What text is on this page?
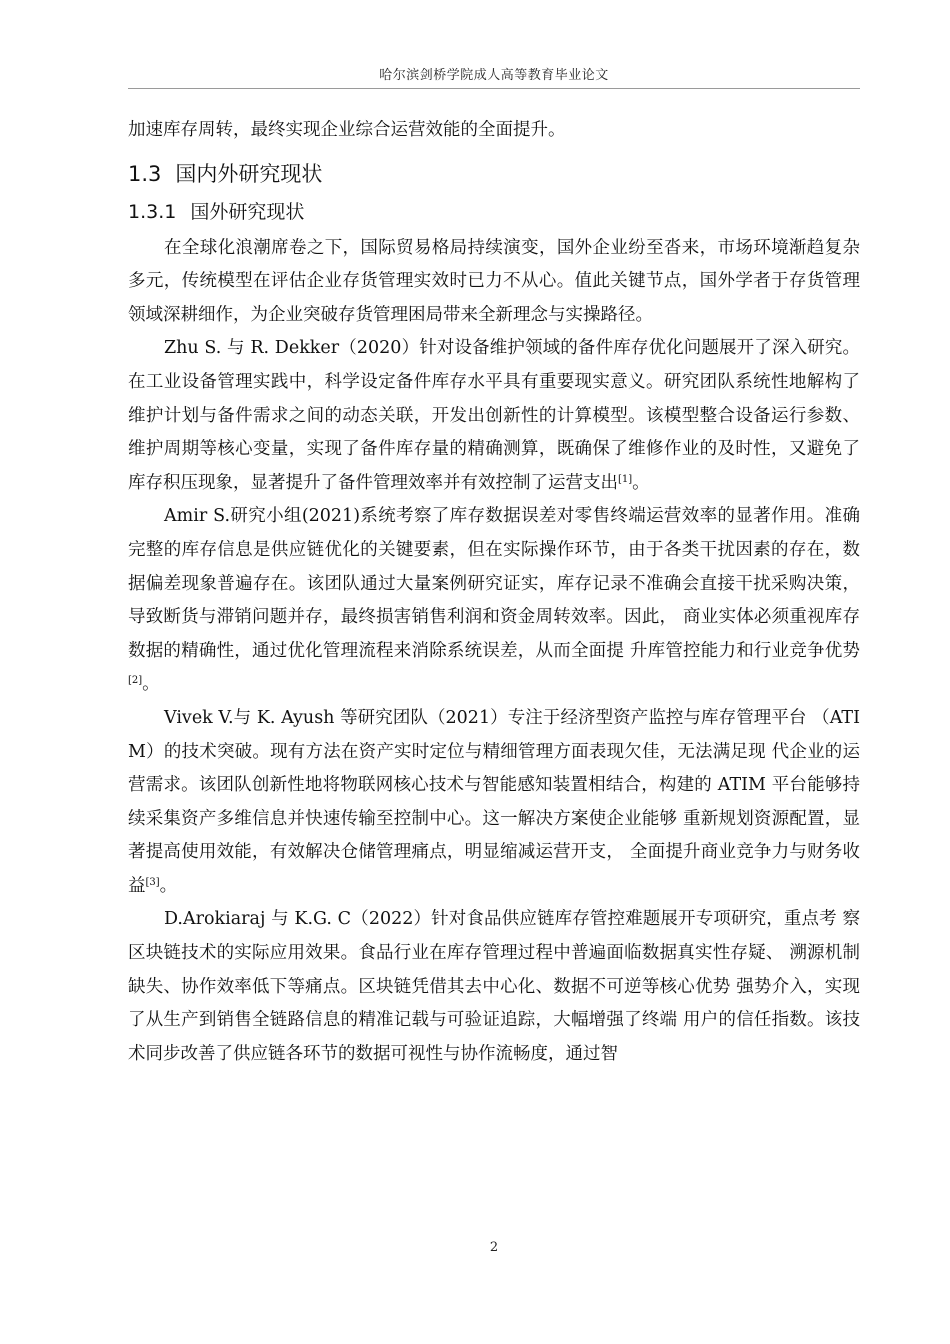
哈尔滨剑桥学院成人高等教育毕业论文

加速库存周转，最终实现企业综合运营效能的全面提升。

1.3 国内外研究现状
1.3.1 国外研究现状

在全球化浪潮席卷之下，国际贸易格局持续演变，国外企业纷至沓来，市场环境渐趋复杂多元，传统模型在评估企业存货管理实效时已力不从心。值此关键节点，国外学者于存货管理领域深耕细作，为企业突破存货管理困局带来全新理念与实操路径。

Zhu S. 与 R. Dekker（2020）针对设备维护领域的备件库存优化问题展开了深入研究。在工业设备管理实践中，科学设定备件库存水平具有重要现实意义。研究团队系统性地解构了维护计划与备件需求之间的动态关联，开发出创新性的计算模型。该模型整合设备运行参数、维护周期等核心变量，实现了备件库存量的精确测算，既确保了维修作业的及时性，又避免了库存积压现象，显著提升了备件管理效率并有效控制了运营支出[1]。

Amir S.研究小组(2021)系统考察了库存数据误差对零售终端运营效率的显著作用。准确完整的库存信息是供应链优化的关键要素，但在实际操作环节，由于各类干扰因素的存在，数据偏差现象普遍存在。该团队通过大量案例研究证实，库存记录不准确会直接干扰采购决策，导致断货与滞销问题并存，最终损害销售利润和资金周转效率。因此， 商业实体必须重视库存数据的精确性，通过优化管理流程来消除系统误差，从而全面提 升库管控能力和行业竞争优势[2]。

Vivek V.与 K. Ayush 等研究团队（2021）专注于经济型资产监控与库存管理平台 （ATIM）的技术突破。现有方法在资产实时定位与精细管理方面表现欠佳，无法满足现 代企业的运营需求。该团队创新性地将物联网核心技术与智能感知装置相结合，构建的 ATIM 平台能够持续采集资产多维信息并快速传输至控制中心。这一解决方案使企业能够 重新规划资源配置，显著提高使用效能，有效解决仓储管理痛点，明显缩减运营开支， 全面提升商业竞争力与财务收益[3]。

D.Arokiaraj 与 K.G. C（2022）针对食品供应链库存管控难题展开专项研究，重点考 察区块链技术的实际应用效果。食品行业在库存管理过程中普遍面临数据真实性存疑、 溯源机制缺失、协作效率低下等痛点。区块链凭借其去中心化、数据不可逆等核心优势 强势介入，实现了从生产到销售全链路信息的精准记载与可验证追踪，大幅增强了终端 用户的信任指数。该技术同步改善了供应链各环节的数据可视性与协作流畅度，通过智

2
